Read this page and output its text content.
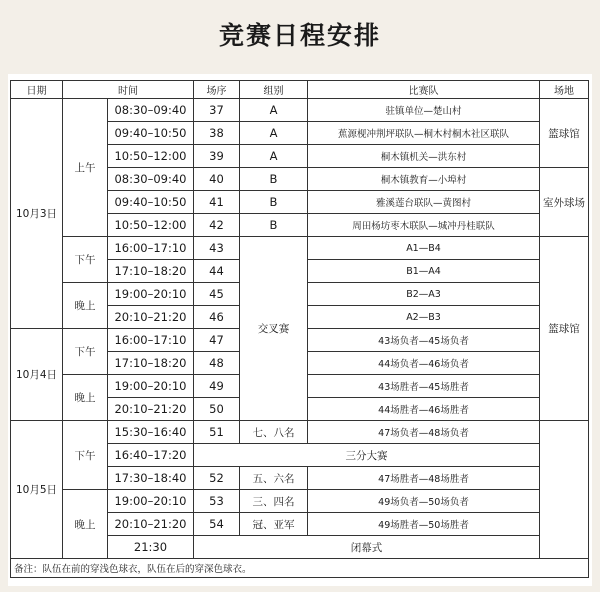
竞赛日程安排
日期	时间		场序	组别	比赛队	场地
10月3日	上午	08:30–09:40	37	A	驻镇单位—楚山村	篮球馆
		09:40–10:50	38	A	蕉源枧冲荆坪联队—桐木村桐木社区联队	
		10:50–12:00	39	A	桐木镇机关—洪东村	
		08:30–09:40	40	B	桐木镇教育—小埠村	室外球场
		09:40–10:50	41	B	雅溪莲台联队—黄图村	
		10:50–12:00	42	B	周田杨坊枣木联队—城冲丹桂联队	
	下午	16:00–17:10	43	交叉赛	A1—B4	篮球馆
		17:10–18:20	44		B1—A4	
	晚上	19:00–20:10	45		B2—A3	
		20:10–21:20	46		A2—B3	
10月4日	下午	16:00–17:10	47		43场负者—45场负者	
		17:10–18:20	48		44场负者—46场负者	
	晚上	19:00–20:10	49		43场胜者—45场胜者	
		20:10–21:20	50		44场胜者—46场胜者	
10月5日	下午	15:30–16:40	51	七、八名	47场负者—48场负者	
		16:40–17:20	三分大赛			
		17:30–18:40	52	五、六名	47场胜者—48场胜者	
	晚上	19:00–20:10	53	三、四名	49场负者—50场负者	
		20:10–21:20	54	冠、亚军	49场胜者—50场胜者	
		21:30	闭幕式			
备注：队伍在前的穿浅色球衣，队伍在后的穿深色球衣。						
